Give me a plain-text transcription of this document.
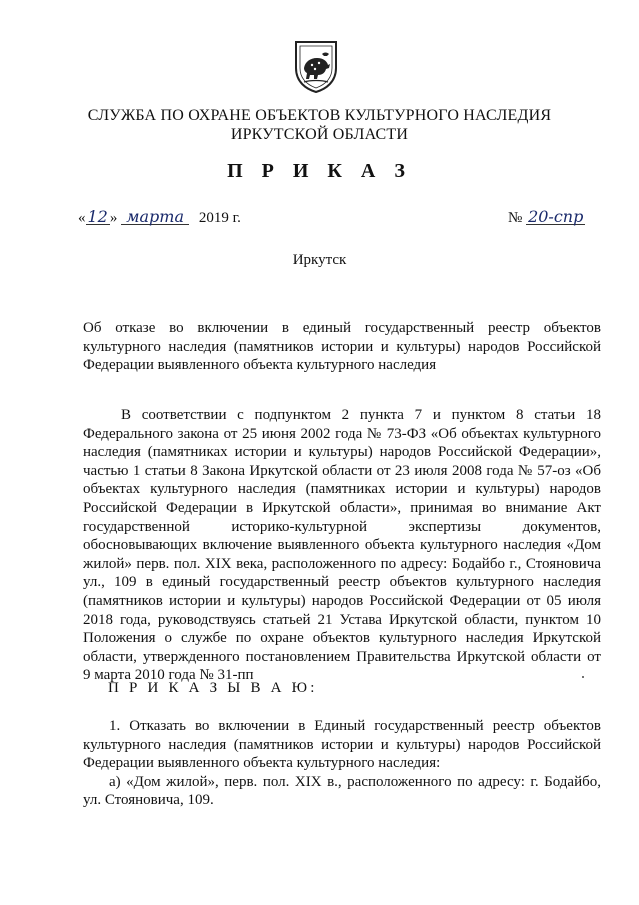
СЛУЖБА ПО ОХРАНЕ ОБЪЕКТОВ КУЛЬТУРНОГО НАСЛЕДИЯ
ИРКУТСКОЙ ОБЛАСТИ
П Р И К А З
« 12 » марта 2019 г.	№ 20-спр
Иркутск
Об отказе во включении в единый государственный реестр объектов
культурного наследия (памятников истории и культуры) народов Российской
Федерации выявленного объекта культурного наследия
В соответствии с подпунктом 2 пункта 7 и пунктом 8 статьи 18
Федерального закона от 25 июня 2002 года № 73-ФЗ «Об объектах культурного
наследия (памятниках истории и культуры) народов Российской Федерации»,
частью 1 статьи 8 Закона Иркутской области от 23 июля 2008 года № 57-оз «Об
объектах культурного наследия (памятниках истории и культуры) народов
Российской Федерации в Иркутской области», принимая во внимание Акт
государственной историко-культурной экспертизы документов,
обосновывающих включение выявленного объекта культурного наследия «Дом
жилой» перв. пол. XIX века, расположенного по адресу: Бодайбо г., Стояновича
ул., 109 в единый государственный реестр объектов культурного наследия
(памятников истории и культуры) народов Российской Федерации от 05 июля
2018 года, руководствуясь статьей 21 Устава Иркутской области, пунктом 10
Положения о службе по охране объектов культурного наследия Иркутской
области, утвержденного постановлением Правительства Иркутской области от
9 марта 2010 года № 31-пп
П Р И К А З Ы В А Ю:
1. Отказать во включении в Единый государственный реестр объектов
культурного наследия (памятников истории и культуры) народов Российской
Федерации выявленного объекта культурного наследия:
а) «Дом жилой», перв. пол. XIX в., расположенного по адресу: г. Бодайбо,
ул. Стояновича, 109.
